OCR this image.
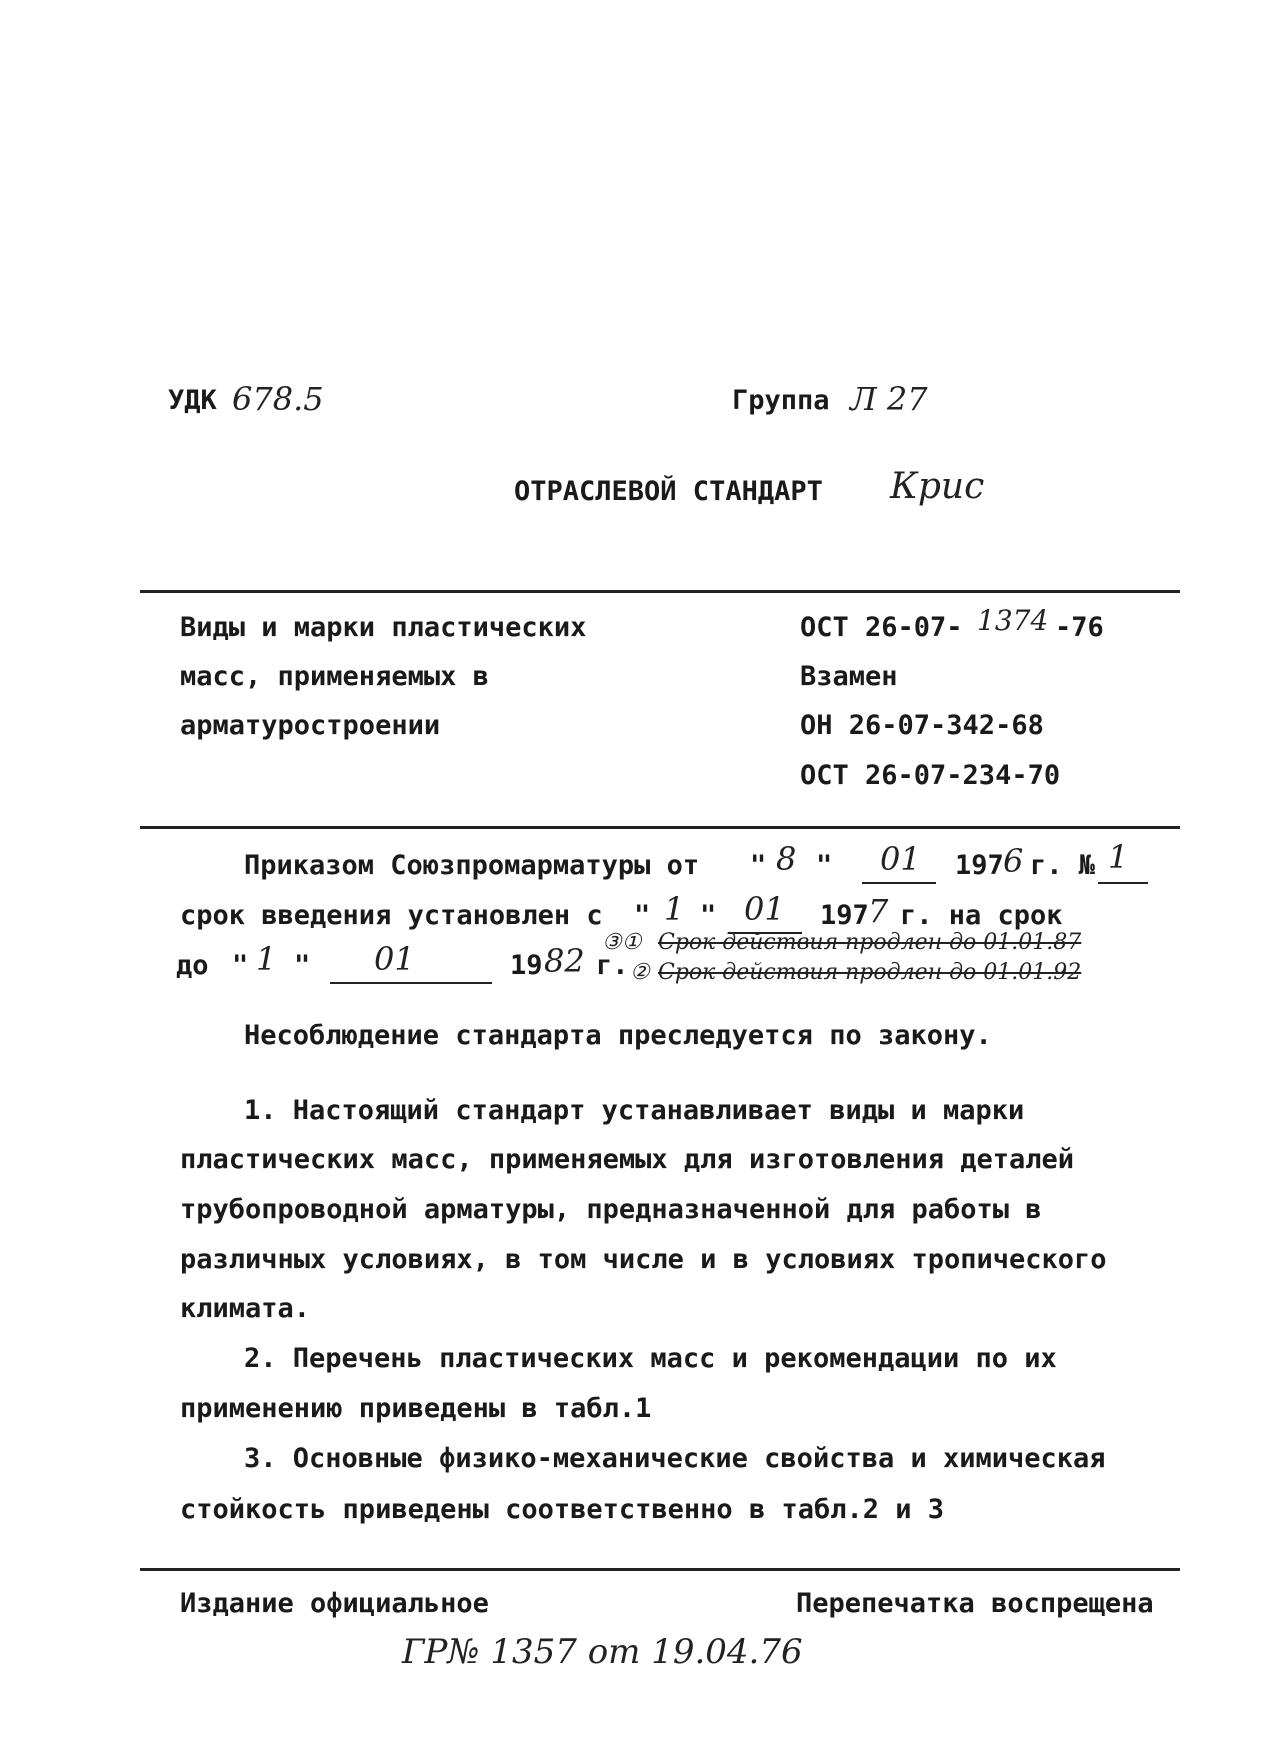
УДК 678.5	Группа Л 27
ОТРАСЛЕВОЙ СТАНДАРТ Крис
Виды и марки пластических
масс, применяемых в
арматуростроении
ОСТ 26-07- 1374 -76
Взамен
ОН 26-07-342-68
ОСТ 26-07-234-70
Приказом Союзпромарматуры от " 8 " 01 197 6 г. № 1
срок введения установлен с " 1 " 01 197 7 г. на срок
до " 1 " 01	19 82 г.
③① Срок действия продлен до 01.01.87
② Срок действия продлен до 01.01.92
Несоблюдение стандарта преследуется по закону.
1. Настоящий стандарт устанавливает виды и марки
пластических масс, применяемых для изготовления деталей
трубопроводной арматуры, предназначенной для работы в
различных условиях, в том числе и в условиях тропического
климата.
2. Перечень пластических масс и рекомендации по их
применению приведены в табл.1
3. Основные физико-механические свойства и химическая
стойкость приведены соответственно в табл.2 и 3
Издание официальное	Перепечатка воспрещена
ГР№ 1357 от 19.04.76
